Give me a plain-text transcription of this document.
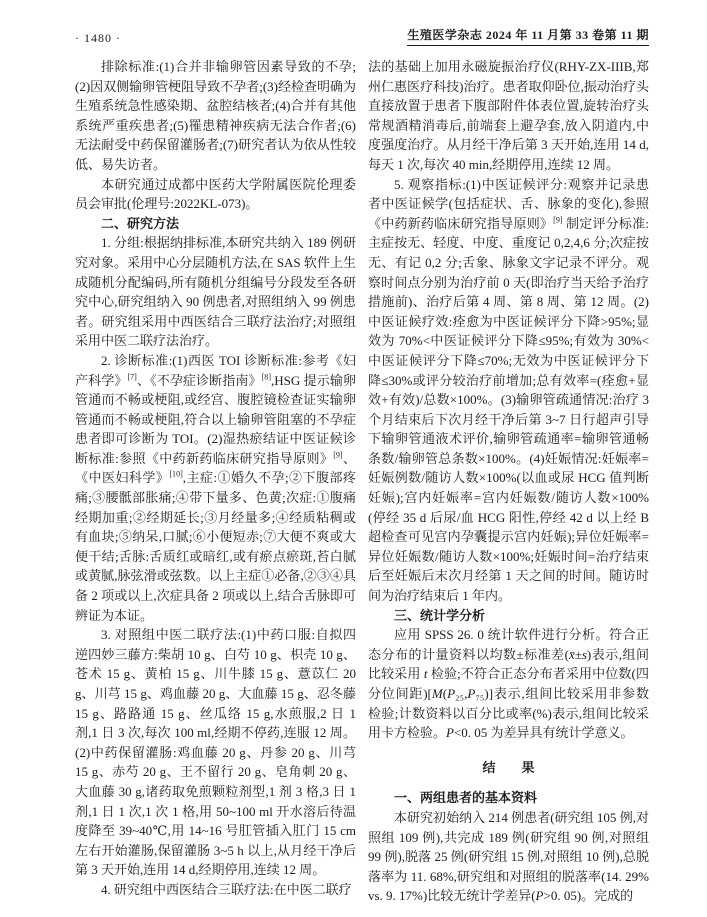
· 1480 ·	生殖医学杂志 2024 年 11 月第 33 卷第 11 期
排除标准:(1)合并非输卵管因素导致的不孕;(2)因双侧输卵管梗阻导致不孕者;(3)经检查明确为生殖系统急性感染期、盆腔结核者;(4)合并有其他系统严重疾患者;(5)罹患精神疾病无法合作者;(6)无法耐受中药保留灌肠者;(7)研究者认为依从性较低、易失访者。
本研究通过成都中医药大学附属医院伦理委员会审批(伦理号:2022KL-073)。
二、研究方法
1. 分组:根据纳排标准,本研究共纳入 189 例研究对象。采用中心分层随机方法,在 SAS 软件上生成随机分配编码,所有随机分组编号分段发至各研究中心,研究组纳入 90 例患者,对照组纳入 99 例患者。研究组采用中西医结合三联疗法治疗;对照组采用中医二联疗法治疗。
2. 诊断标准:(1)西医 TOI 诊断标准:参考《妇产科学》[7]、《不孕症诊断指南》[8],HSG 提示输卵管通而不畅或梗阻,或经宫、腹腔镜检查证实输卵管通而不畅或梗阻,符合以上输卵管阻塞的不孕症患者即可诊断为 TOI。(2)湿热瘀结证中医证候诊断标准:参照《中药新药临床研究指导原则》[9]、《中医妇科学》[10],主症:①婚久不孕;②下腹部疼痛;③腰骶部胀痛;④带下量多、色黄;次症:①腹痛经期加重;②经期延长;③月经量多;④经质粘稠或有血块;⑤纳呆,口腻;⑥小便短赤;⑦大便不爽或大便干结;舌脉:舌质红或暗红,或有瘀点瘀斑,苔白腻或黄腻,脉弦滑或弦数。以上主症①必备,②③④具备 2 项或以上,次症具备 2 项或以上,结合舌脉即可辨证为本证。
3. 对照组中医二联疗法:(1)中药口服:自拟四逆四妙三藤方:柴胡 10 g、白芍 10 g、枳壳 10 g、苍术 15 g、黄柏 15 g、川牛膝 15 g、薏苡仁 20 g、川芎 15 g、鸡血藤 20 g、大血藤 15 g、忍冬藤 15 g、路路通 15 g、丝瓜络 15 g,水煎服,2 日 1 剂,1 日 3 次,每次 100 ml,经期不停药,连服 12 周。(2)中药保留灌肠:鸡血藤 20 g、丹参 20 g、川芎 15 g、赤芍 20 g、王不留行 20 g、皂角刺 20 g、大血藤 30 g,诸药取免煎颗粒剂型,1 剂 3 格,3 日 1 剂,1 日 1 次,1 次 1 格,用 50~100 ml 开水溶后待温度降至 39~40℃,用 14~16 号肛管插入肛门 15 cm 左右开始灌肠,保留灌肠 3~5 h 以上,从月经干净后第 3 天开始,连用 14 d,经期停用,连续 12 周。
4. 研究组中西医结合三联疗法:在中医二联疗
法的基础上加用永磁旋振治疗仪(RHY-ZX-IIIB,郑州仁惠医疗科技)治疗。患者取仰卧位,振动治疗头直接放置于患者下腹部附件体表位置,旋转治疗头常规酒精消毒后,前端套上避孕套,放入阴道内,中度强度治疗。从月经干净后第 3 天开始,连用 14 d,每天 1 次,每次 40 min,经期停用,连续 12 周。
5. 观察指标:(1)中医证候评分:观察并记录患者中医证候学(包括症状、舌、脉象的变化),参照《中药新药临床研究指导原则》[9] 制定评分标准:主症按无、轻度、中度、重度记 0,2,4,6 分;次症按无、有记 0,2 分;舌象、脉象文字记录不评分。观察时间点分别为治疗前 0 天(即治疗当天给予治疗措施前)、治疗后第 4 周、第 8 周、第 12 周。(2)中医证候疗效:痊愈为中医证候评分下降>95%;显效为 70%<中医证候评分下降≤95%;有效为 30%<中医证候评分下降≤70%;无效为中医证候评分下降≤30%或评分较治疗前增加;总有效率=(痊愈+显效+有效)/总数×100%。(3)输卵管疏通情况:治疗 3 个月结束后下次月经干净后第 3~7 日行超声引导下输卵管通液术评价,输卵管疏通率=输卵管通畅条数/输卵管总条数×100%。(4)妊娠情况:妊娠率=妊娠例数/随访人数×100%(以血或尿 HCG 值判断妊娠);宫内妊娠率=宫内妊娠数/随访人数×100%(停经 35 d 后尿/血 HCG 阳性,停经 42 d 以上经 B 超检查可见宫内孕囊提示宫内妊娠);异位妊娠率=异位妊娠数/随访人数×100%;妊娠时间=治疗结束后至妊娠后末次月经第 1 天之间的时间。随访时间为治疗结束后 1 年内。
三、统计学分析
应用 SPSS 26. 0 统计软件进行分析。符合正态分布的计量资料以均数±标准差(x̄±s)表示,组间比较采用 t 检验;不符合正态分布者采用中位数(四分位间距)[M(P₂₅,P₇₅)]表示,组间比较采用非参数检验;计数资料以百分比或率(%)表示,组间比较采用卡方检验。P<0. 05 为差异具有统计学意义。
结　　果
一、两组患者的基本资料
本研究初始纳入 214 例患者(研究组 105 例,对照组 109 例),共完成 189 例(研究组 90 例,对照组 99 例),脱落 25 例(研究组 15 例,对照组 10 例),总脱落率为 11. 68%,研究组和对照组的脱落率(14. 29% vs. 9. 17%)比较无统计学差异(P>0. 05)。完成的
